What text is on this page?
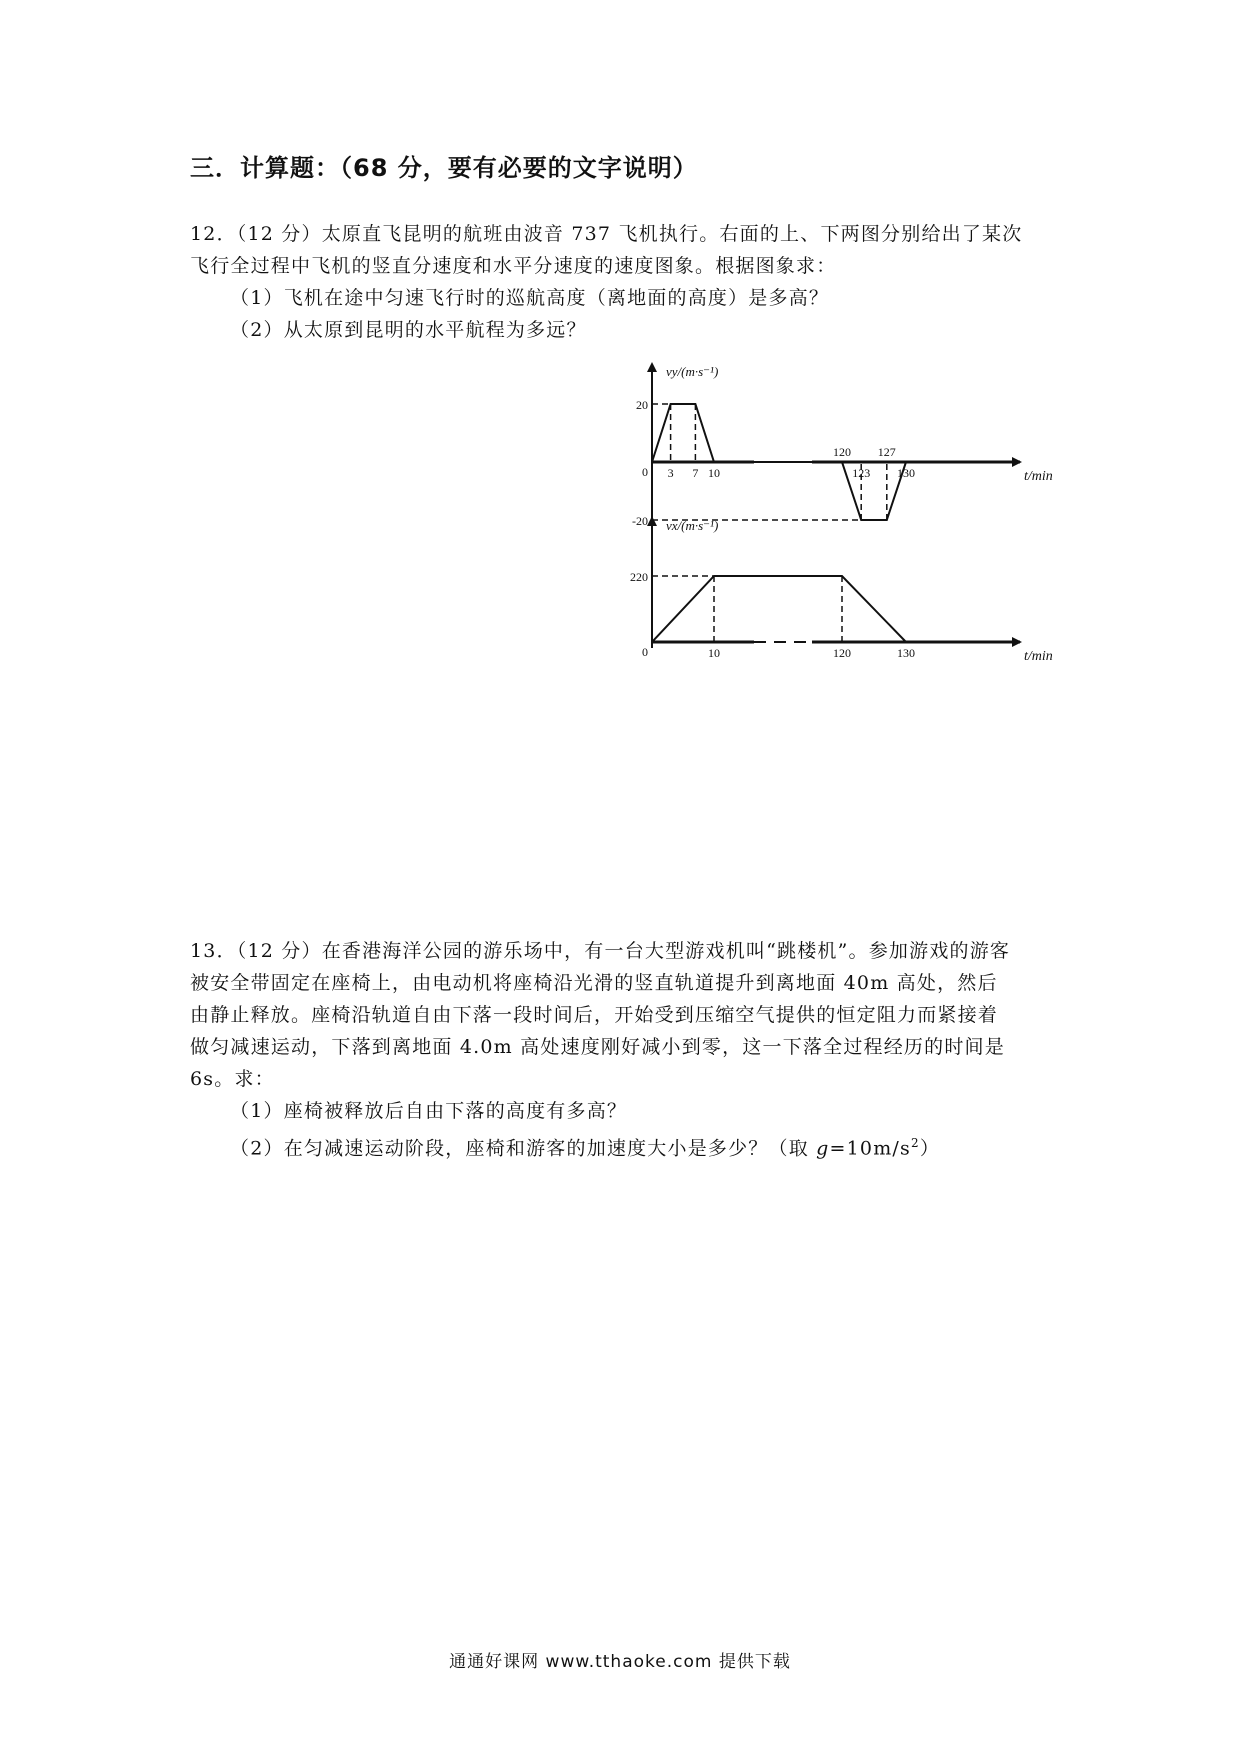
三．计算题：（68 分，要有必要的文字说明）
12．（12 分）太原直飞昆明的航班由波音 737 飞机执行。右面的上、下两图分别给出了某次
飞行全过程中飞机的竖直分速度和水平分速度的速度图象。根据图象求：
（1）飞机在途中匀速飞行时的巡航高度（离地面的高度）是多高？
（2）从太原到昆明的水平航程为多远？
20
0
-20
3 7 10
120
123
127
130
vy/(m·s⁻¹)
t/min
220
0	10	120	130
vx/(m·s⁻¹)
t/min
13．（12 分）在香港海洋公园的游乐场中，有一台大型游戏机叫“跳楼机”。参加游戏的游客
被安全带固定在座椅上，由电动机将座椅沿光滑的竖直轨道提升到离地面 40m 高处，然后
由静止释放。座椅沿轨道自由下落一段时间后，开始受到压缩空气提供的恒定阻力而紧接着
做匀减速运动，下落到离地面 4.0m 高处速度刚好减小到零，这一下落全过程经历的时间是
6s。求：
（1）座椅被释放后自由下落的高度有多高？
（2）在匀减速运动阶段，座椅和游客的加速度大小是多少？（取 $g=10m/s^2$）
通通好课网 www.tthaoke.com 提供下载
